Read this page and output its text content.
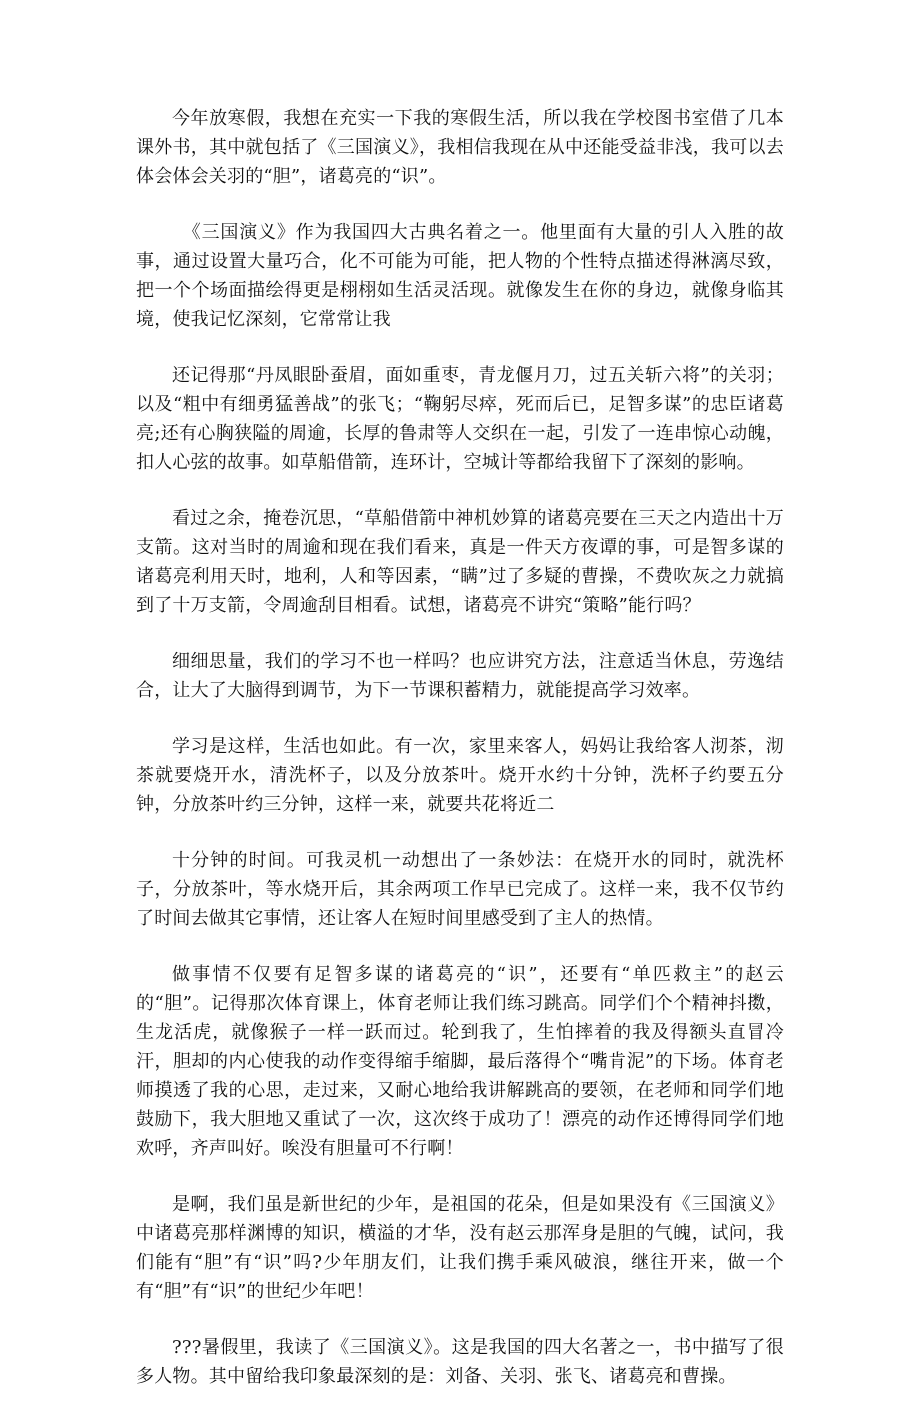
今年放寒假，我想在充实一下我的寒假生活，所以我在学校图书室借了几本课外书，其中就包括了《三国演义》，我相信我现在从中还能受益非浅，我可以去体会体会关羽的“胆”，诸葛亮的“识”。

《三国演义》作为我国四大古典名着之一。他里面有大量的引人入胜的故事，通过设置大量巧合，化不可能为可能，把人物的个性特点描述得淋漓尽致，把一个个场面描绘得更是栩栩如生活灵活现。就像发生在你的身边，就像身临其境，使我记忆深刻，它常常让我

还记得那“丹凤眼卧蚕眉，面如重枣，青龙偃月刀，过五关斩六将”的关羽；以及“粗中有细勇猛善战”的张飞；“鞠躬尽瘁，死而后已，足智多谋”的忠臣诸葛亮;还有心胸狭隘的周逾，长厚的鲁肃等人交织在一起，引发了一连串惊心动魄，扣人心弦的故事。如草船借箭，连环计，空城计等都给我留下了深刻的影响。

看过之余，掩卷沉思，“草船借箭中神机妙算的诸葛亮要在三天之内造出十万支箭。这对当时的周逾和现在我们看来，真是一件天方夜谭的事，可是智多谋的诸葛亮利用天时，地利，人和等因素，“瞒”过了多疑的曹操，不费吹灰之力就搞到了十万支箭，令周逾刮目相看。试想，诸葛亮不讲究“策略”能行吗？

细细思量，我们的学习不也一样吗？也应讲究方法，注意适当休息，劳逸结合，让大了大脑得到调节，为下一节课积蓄精力，就能提高学习效率。

学习是这样，生活也如此。有一次，家里来客人，妈妈让我给客人沏茶，沏茶就要烧开水，清洗杯子，以及分放茶叶。烧开水约十分钟，洗杯子约要五分钟，分放茶叶约三分钟，这样一来，就要共花将近二

十分钟的时间。可我灵机一动想出了一条妙法：在烧开水的同时，就洗杯子，分放茶叶，等水烧开后，其余两项工作早已完成了。这样一来，我不仅节约了时间去做其它事情，还让客人在短时间里感受到了主人的热情。

做事情不仅要有足智多谋的诸葛亮的“识”，还要有“单匹救主”的赵云的“胆”。记得那次体育课上，体育老师让我们练习跳高。同学们个个精神抖擞，生龙活虎，就像猴子一样一跃而过。轮到我了，生怕摔着的我及得额头直冒冷汗，胆却的内心使我的动作变得缩手缩脚，最后落得个“嘴肯泥”的下场。体育老师摸透了我的心思，走过来，又耐心地给我讲解跳高的要领，在老师和同学们地鼓励下，我大胆地又重试了一次，这次终于成功了！漂亮的动作还博得同学们地欢呼，齐声叫好。唉没有胆量可不行啊！

是啊，我们虽是新世纪的少年，是祖国的花朵，但是如果没有《三国演义》中诸葛亮那样渊博的知识，横溢的才华，没有赵云那浑身是胆的气魄，试问，我们能有“胆”有“识”吗?少年朋友们，让我们携手乘风破浪，继往开来，做一个有“胆”有“识”的世纪少年吧！

???暑假里，我读了《三国演义》。这是我国的四大名著之一，书中描写了很多人物。其中留给我印象最深刻的是：刘备、关羽、张飞、诸葛亮和曹操。
